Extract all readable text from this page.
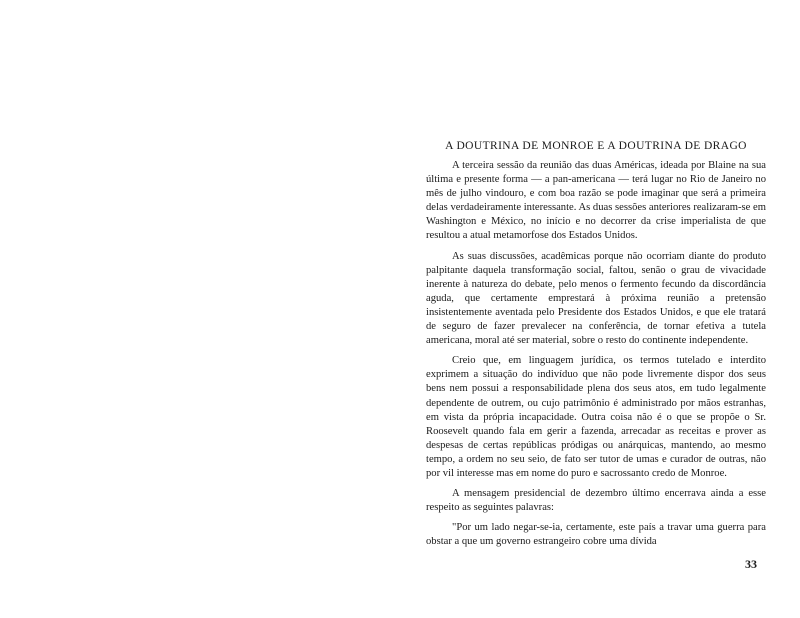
A DOUTRINA DE MONROE E A DOUTRINA DE DRAGO

A terceira sessão da reunião das duas Américas, ideada por Blaine na sua última e presente forma — a pan-americana — terá lugar no Rio de Janeiro no mês de julho vindouro, e com boa razão se pode imaginar que será a primeira delas verdadeiramente interessante. As duas sessões anteriores realizaram-se em Washington e México, no início e no decorrer da crise imperialista de que resultou a atual metamorfose dos Estados Unidos.

As suas discussões, acadêmicas porque não ocorriam diante do produto palpitante daquela transformação social, faltou, senão o grau de vivacidade inerente à natureza do debate, pelo menos o fermento fecundo da discordância aguda, que certamente emprestará à próxima reunião a pretensão insistentemente aventada pelo Presidente dos Estados Unidos, e que ele tratará de seguro de fazer prevalecer na conferência, de tornar efetiva a tutela americana, moral até ser material, sobre o resto do continente independente.

Creio que, em linguagem jurídica, os termos tutelado e interdito exprimem a situação do indivíduo que não pode livremente dispor dos seus bens nem possui a responsabilidade plena dos seus atos, em tudo legalmente dependente de outrem, ou cujo patrimônio é administrado por mãos estranhas, em vista da própria incapacidade. Outra coisa não é o que se propõe o Sr. Roosevelt quando fala em gerir a fazenda, arrecadar as receitas e prover as despesas de certas repúblicas pródigas ou anárquicas, mantendo, ao mesmo tempo, a ordem no seu seio, de fato ser tutor de umas e curador de outras, não por vil interesse mas em nome do puro e sacrossanto credo de Monroe.

A mensagem presidencial de dezembro último encerrava ainda a esse respeito as seguintes palavras:

"Por um lado negar-se-ia, certamente, este país a travar uma guerra para obstar a que um governo estrangeiro cobre uma dívida

33
